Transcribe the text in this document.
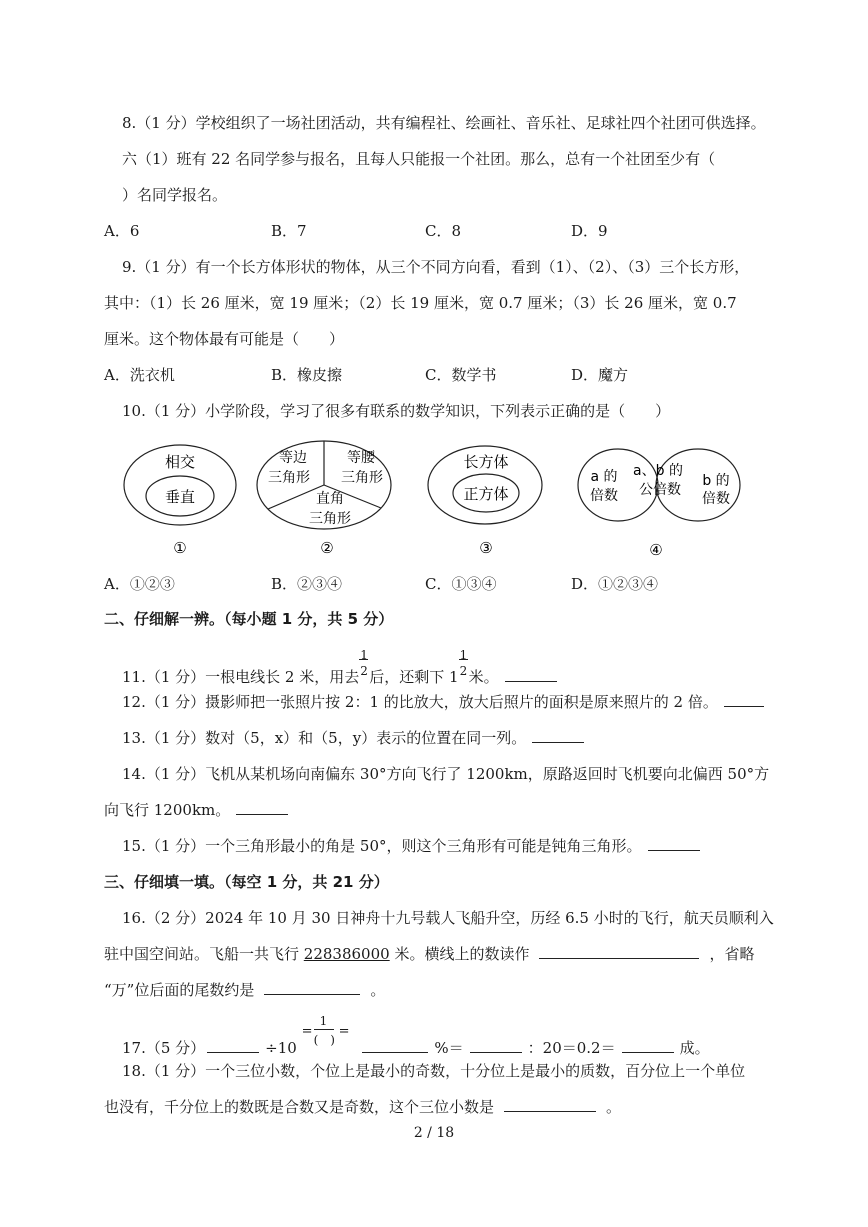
8.（1 分）学校组织了一场社团活动，共有编程社、绘画社、音乐社、足球社四个社团可供选择。
六（1）班有 22 名同学参与报名，且每人只能报一个社团。那么，总有一个社团至少有（
）名同学报名。
A．6	B．7	C．8	D．9
9.（1 分）有一个长方体形状的物体，从三个不同方向看，看到（1）、（2）、（3）三个长方形，
其中：（1）长 26 厘米，宽 19 厘米；（2）长 19 厘米，宽 0.7 厘米；（3）长 26 厘米，宽 0.7
厘米。这个物体最有可能是（　　）
A．洗衣机	B．橡皮擦	C．数学书	D．魔方
10.（1 分）小学阶段，学习了很多有联系的数学知识，下列表示正确的是（　　）
相交
垂直
①
等边
三角形
等腰
三角形
直角
三角形
②
长方体
正方体
③
a 的
倍数
a、b 的
公倍数
b 的
倍数
④
A．①②③	B．②③④	C．①③④	D．①②③④
二、仔细解一辨。（每小题 1 分，共 5 分）
11.（1 分）一根电线长 2 米，用去 $\frac{1}{2}$ 后，还剩下 $1 \frac{1}{2}$ 米。
12.（1 分）摄影师把一张照片按 2：1 的比放大，放大后照片的面积是原来照片的 2 倍。
13.（1 分）数对（5，x）和（5，y）表示的位置在同一列。
14.（1 分）飞机从某机场向南偏东 30°方向飞行了 1200km，原路返回时飞机要向北偏西 50°方
向飞行 1200km。
15.（1 分）一个三角形最小的角是 50°，则这个三角形有可能是钝角三角形。
三、仔细填一填。（每空 1 分，共 21 分）
16.（2 分）2024 年 10 月 30 日神舟十九号载人飞船升空，历经 6.5 小时的飞行，航天员顺利入
驻中国空间站。飞船一共飞行 228386000 米。横线上的数读作	，省略
“万”位后面的尾数约是	。
17.（5 分）	÷10
=
1
(　)
=
%＝	：20＝0.2＝	成。
18.（1 分）一个三位小数，个位上是最小的奇数，十分位上是最小的质数，百分位上一个单位
也没有，千分位上的数既是合数又是奇数，这个三位小数是	。
2 / 18
